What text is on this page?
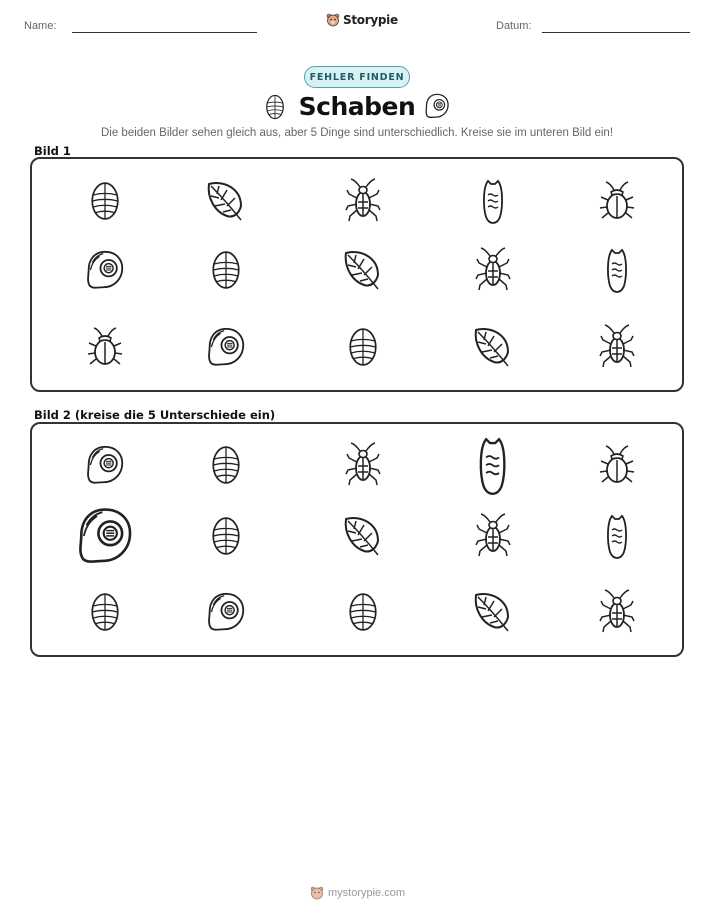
Name:	Storypie	Datum:
FEHLER FINDEN
Schaben
Die beiden Bilder sehen gleich aus, aber 5 Dinge sind unterschiedlich. Kreise sie im unteren Bild ein!
Bild 1
Bild 2 (kreise die 5 Unterschiede ein)
mystorypie.com
